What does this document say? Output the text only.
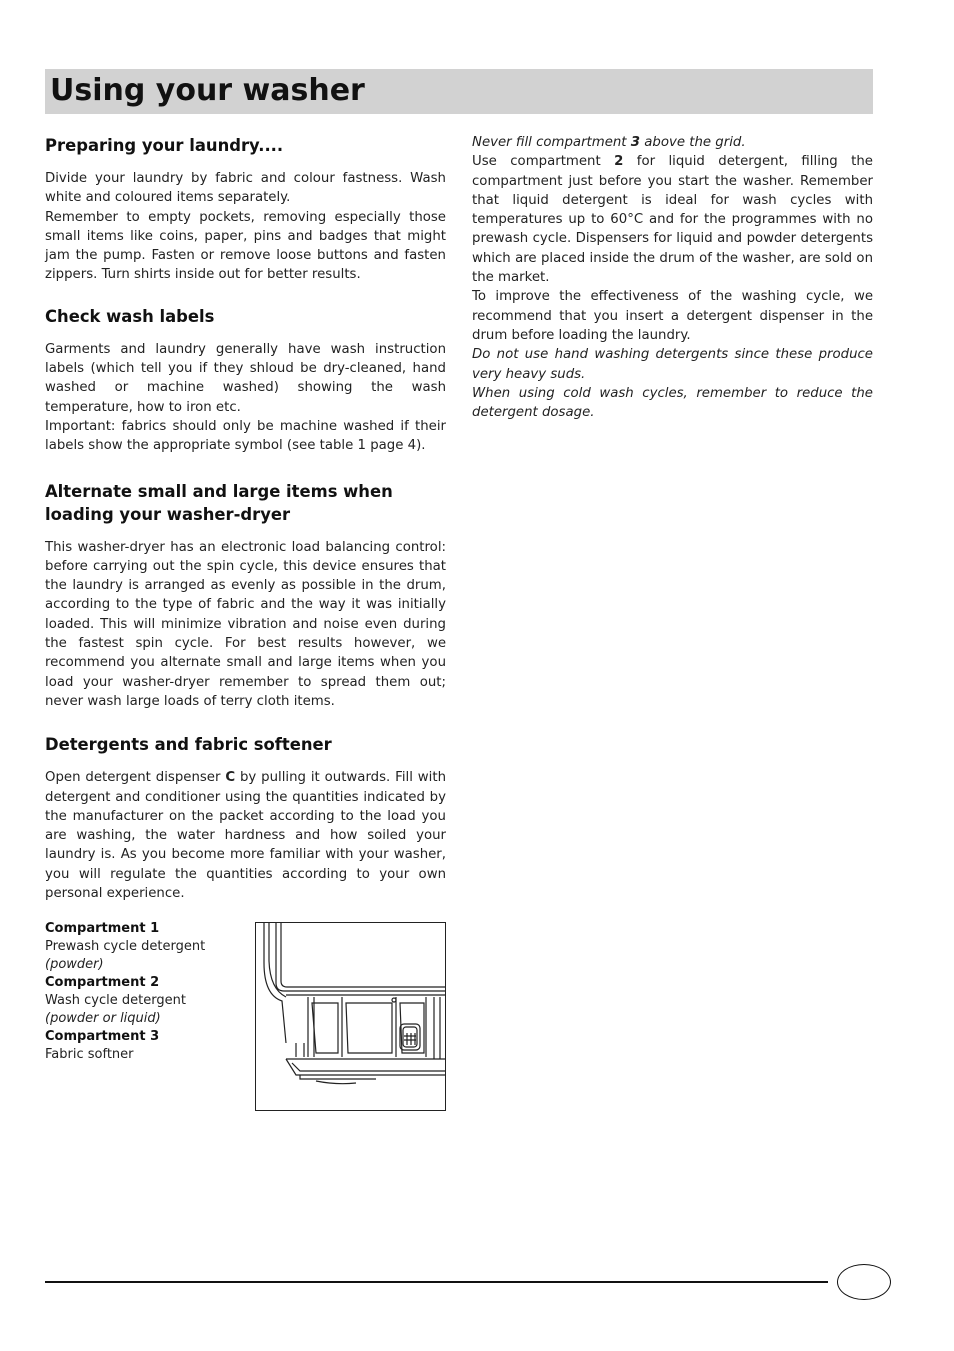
Using your washer
Preparing your laundry....

Divide your laundry by fabric and colour fastness. Wash white and coloured items separately.

Remember to empty pockets, removing especially those small items like coins, paper, pins and badges that might jam the pump. Fasten or remove loose buttons and fasten zippers. Turn shirts inside out for better results.

Check wash labels

Garments and laundry generally have wash instruction labels (which tell you if they shloud be dry-cleaned, hand washed or machine washed) showing the wash temperature, how to iron etc.

Important: fabrics should only be machine washed if their labels show the appropriate symbol (see table 1 page 4).

Alternate small and large items when loading your washer-dryer

This washer-dryer has an electronic load balancing control: before carrying out the spin cycle, this device ensures that the laundry is arranged as evenly as possible in the drum, according to the type of fabric and the way it was initially loaded. This will minimize vibration and noise even during the fastest spin cycle. For best results however, we recommend you alternate small and large items when you load your washer-dryer remember to spread them out; never wash large loads of terry cloth items.

Detergents and fabric softener

Open detergent dispenser C by pulling it outwards. Fill with detergent and conditioner using the quantities indicated by the manufacturer on the packet according to the load you are washing, the water hardness and how soiled your laundry is. As you become more familiar with your washer, you will regulate the quantities according to your own personal experience.

Compartment 1
Prewash cycle detergent
(powder)
Compartment 2
Wash cycle detergent
(powder or liquid)
Compartment 3
Fabric softner

Never fill compartment 3 above the grid.

Use compartment 2 for liquid detergent, filling the compartment just before you start the washer. Remember that liquid detergent is ideal for wash cycles with temperatures up to 60°C and for the programmes with no prewash cycle. Dispensers for liquid and powder detergents which are placed inside the drum of the washer, are sold on the market.

To improve the effectiveness of the washing cycle, we recommend that you insert a detergent dispenser in the drum before loading the laundry.

Do not use hand washing detergents since these produce very heavy suds.

When using cold wash cycles, remember to reduce the detergent dosage.
